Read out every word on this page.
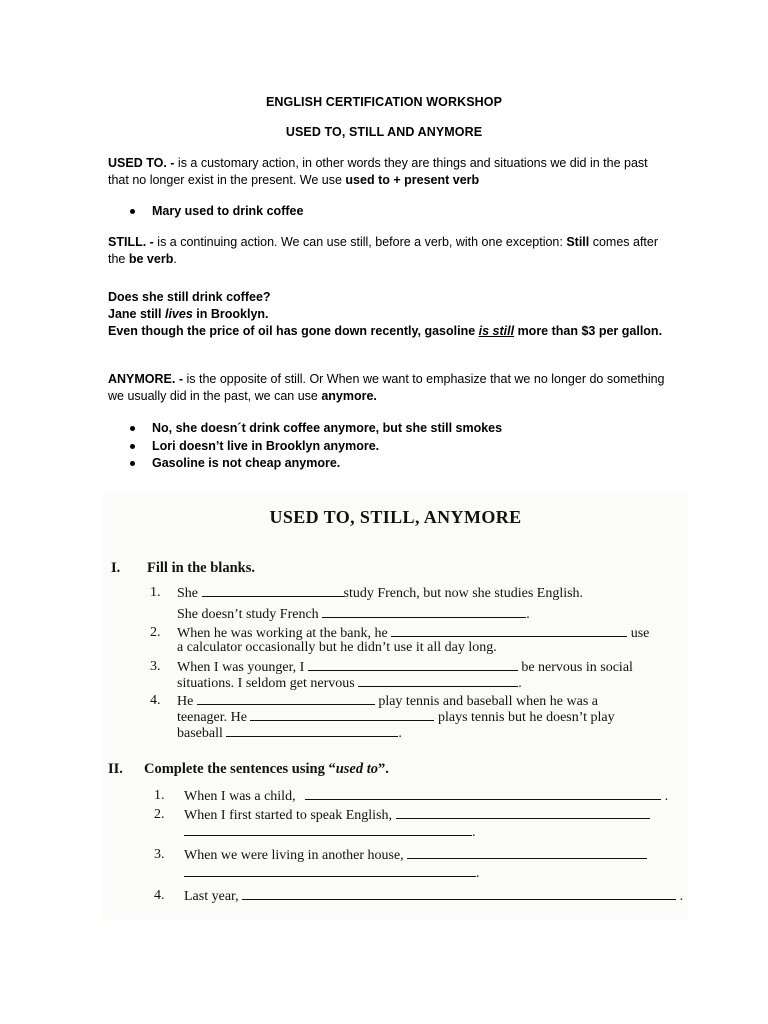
ENGLISH CERTIFICATION WORKSHOP
USED TO, STILL AND ANYMORE
USED TO. - is a customary action, in other words they are things and situations we did in the past that no longer exist in the present. We use used to + present verb
Mary used to drink coffee
STILL. - is a continuing action. We can use still, before a verb, with one exception: Still comes after the be verb.
Does she still drink coffee?
Jane still lives in Brooklyn.
Even though the price of oil has gone down recently, gasoline is still more than $3 per gallon.
ANYMORE. - is the opposite of still. Or When we want to emphasize that we no longer do something we usually did in the past, we can use anymore.
No, she doesn´t drink coffee anymore, but she still smokes
Lori doesn’t live in Brooklyn anymore.
Gasoline is not cheap anymore.
USED TO, STILL, ANYMORE
I. Fill in the blanks.
1. She	study French, but now she studies English.
She doesn’t study French	.
2. When he was working at the bank, he	use
a calculator occasionally but he didn’t use it all day long.
3. When I was younger, I	be nervous in social
situations. I seldom get nervous	.
4. He	play tennis and baseball when he was a
teenager. He	plays tennis but he doesn’t play
baseball	.
II. Complete the sentences using “used to”.
1. When I was a child,	.
2. When I first started to speak English,
.
3. When we were living in another house,
.
4. Last year,	.
